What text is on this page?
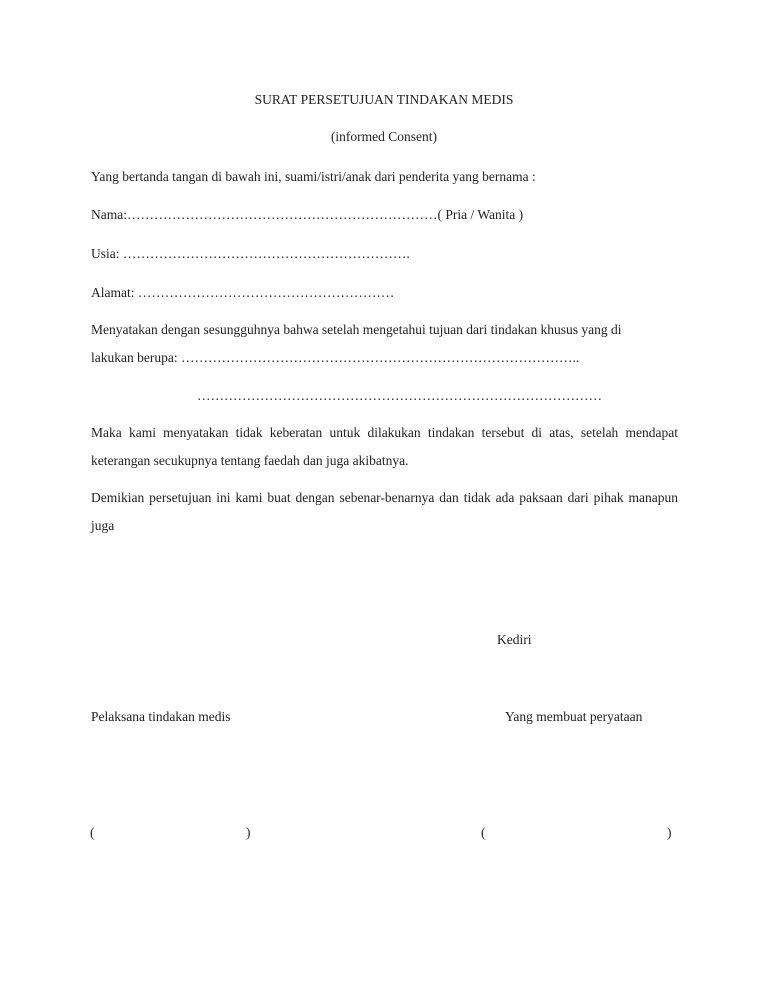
SURAT PERSETUJUAN TINDAKAN MEDIS
(informed Consent)
Yang bertanda tangan di bawah ini, suami/istri/anak dari penderita yang bernama :
Nama:……………………………………………………………( Pria / Wanita )
Usia: ……………………………………………………….
Alamat: …………………………………………………
Menyatakan dengan sesungguhnya bahwa setelah mengetahui tujuan dari tindakan khusus yang di
lakukan berupa: ……………………………………………………………………………..
………………………………………………………………………………
Maka kami menyatakan tidak keberatan untuk dilakukan tindakan tersebut di atas, setelah mendapat keterangan secukupnya tentang faedah dan juga akibatnya.
Demikian persetujuan ini kami buat dengan sebenar-benarnya dan tidak ada paksaan dari pihak manapun juga
Kediri
Pelaksana tindakan medis	Yang membuat peryataan
(	)	(	)
